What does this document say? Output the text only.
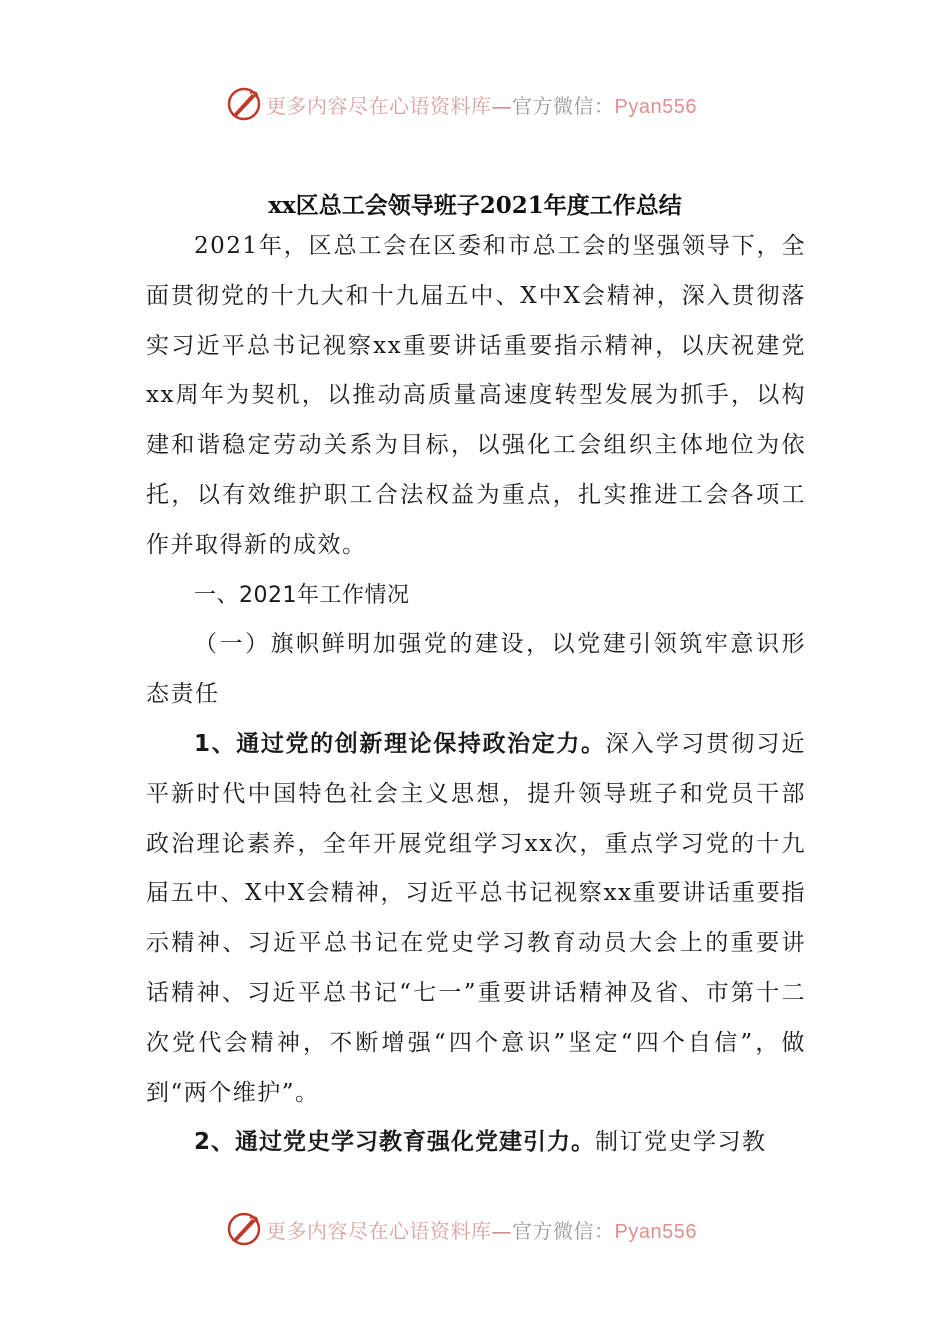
更多内容尽在心语资料库—官方微信：Pyan556
xx区总工会领导班子2021年度工作总结

2021年，区总工会在区委和市总工会的坚强领导下，全面贯彻党的十九大和十九届五中、X中X会精神，深入贯彻落实习近平总书记视察xx重要讲话重要指示精神，以庆祝建党xx周年为契机，以推动高质量高速度转型发展为抓手，以构建和谐稳定劳动关系为目标，以强化工会组织主体地位为依托，以有效维护职工合法权益为重点，扎实推进工会各项工作并取得新的成效。

一、2021年工作情况

（一）旗帜鲜明加强党的建设，以党建引领筑牢意识形态责任

1、通过党的创新理论保持政治定力。深入学习贯彻习近平新时代中国特色社会主义思想，提升领导班子和党员干部政治理论素养，全年开展党组学习xx次，重点学习党的十九届五中、X中X会精神，习近平总书记视察xx重要讲话重要指示精神、习近平总书记在党史学习教育动员大会上的重要讲话精神、习近平总书记“七一”重要讲话精神及省、市第十二次党代会精神，不断增强“四个意识”坚定“四个自信”，做到“两个维护”。

2、通过党史学习教育强化党建引力。制订党史学习教

更多内容尽在心语资料库—官方微信：Pyan556
